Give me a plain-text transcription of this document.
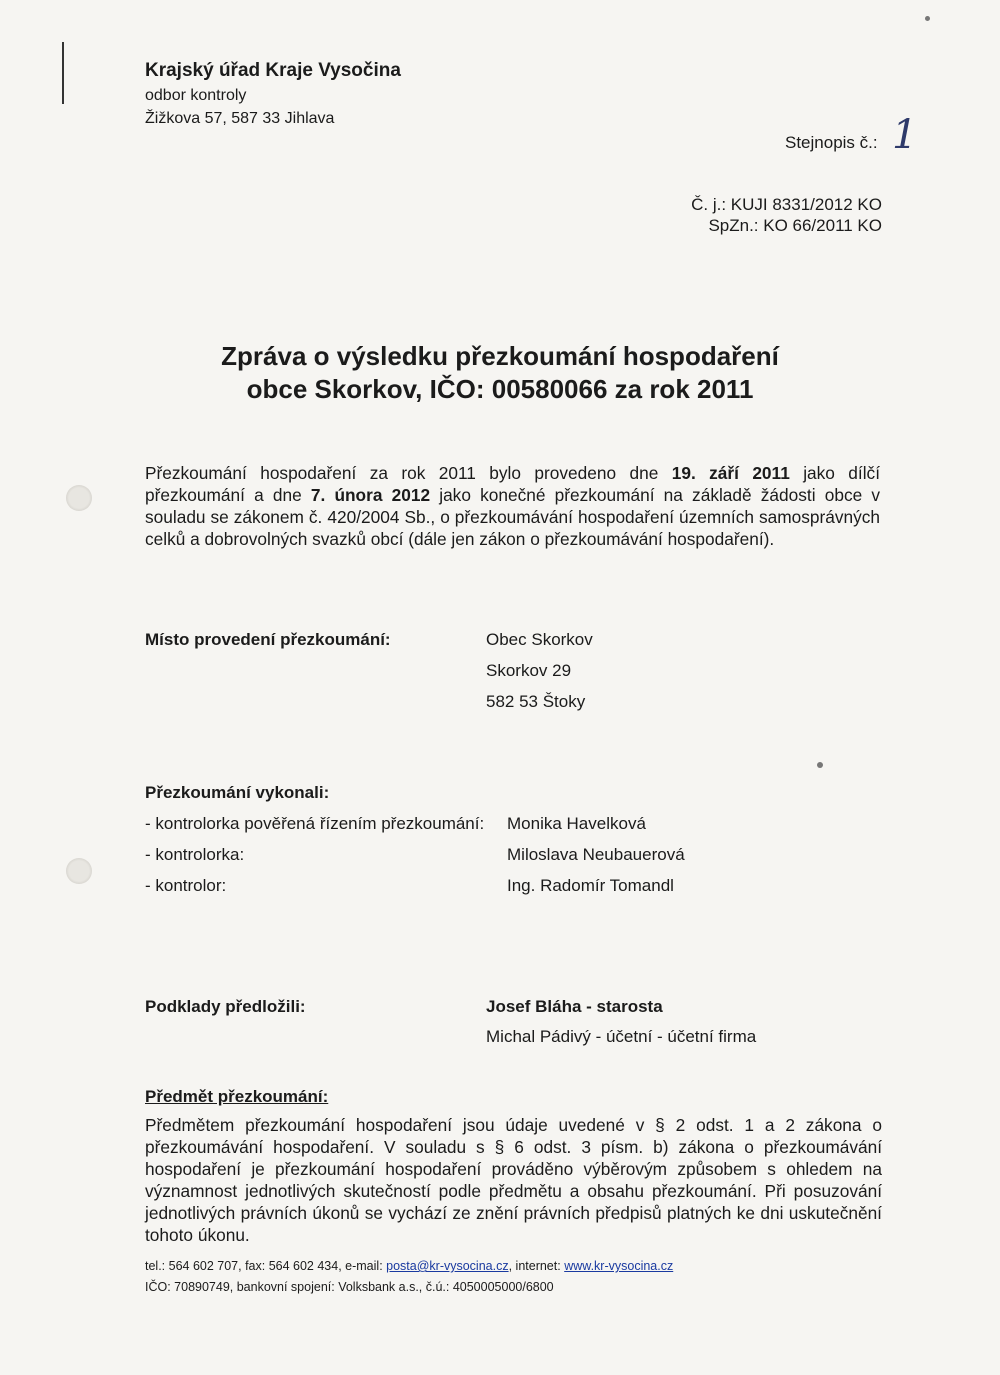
Krajský úřad Kraje Vysočina
odbor kontroly
Žižkova 57, 587 33 Jihlava
Stejnopis č.: 1
Č. j.: KUJI 8331/2012 KO
SpZn.: KO 66/2011 KO
Zpráva o výsledku přezkoumání hospodaření
obce Skorkov, IČO: 00580066 za rok 2011
Přezkoumání hospodaření za rok 2011 bylo provedeno dne 19. září 2011 jako dílčí přezkoumání a dne 7. února 2012 jako konečné přezkoumání na základě žádosti obce v souladu se zákonem č. 420/2004 Sb., o přezkoumávání hospodaření územních samosprávných celků a dobrovolných svazků obcí (dále jen zákon o přezkoumávání hospodaření).
Místo provedení přezkoumání:	Obec Skorkov
Skorkov 29
582 53 Štoky
Přezkoumání vykonali:
- kontrolorka pověřená řízením přezkoumání: Monika Havelková
- kontrolorka:	Miloslava Neubauerová
- kontrolor:	Ing. Radomír Tomandl
Podklady předložili:	Josef Bláha - starosta
Michal Pádivý - účetní - účetní firma
Předmět přezkoumání:
Předmětem přezkoumání hospodaření jsou údaje uvedené v § 2 odst. 1 a 2 zákona o přezkoumávání hospodaření. V souladu s § 6 odst. 3 písm. b) zákona o přezkoumávání hospodaření je přezkoumání hospodaření prováděno výběrovým způsobem s ohledem na významnost jednotlivých skutečností podle předmětu a obsahu přezkoumání. Při posuzování jednotlivých právních úkonů se vychází ze znění právních předpisů platných ke dni uskutečnění tohoto úkonu.
tel.: 564 602 707, fax: 564 602 434, e-mail: posta@kr-vysocina.cz, internet: www.kr-vysocina.cz
IČO: 70890749, bankovní spojení: Volksbank a.s., č.ú.: 4050005000/6800
